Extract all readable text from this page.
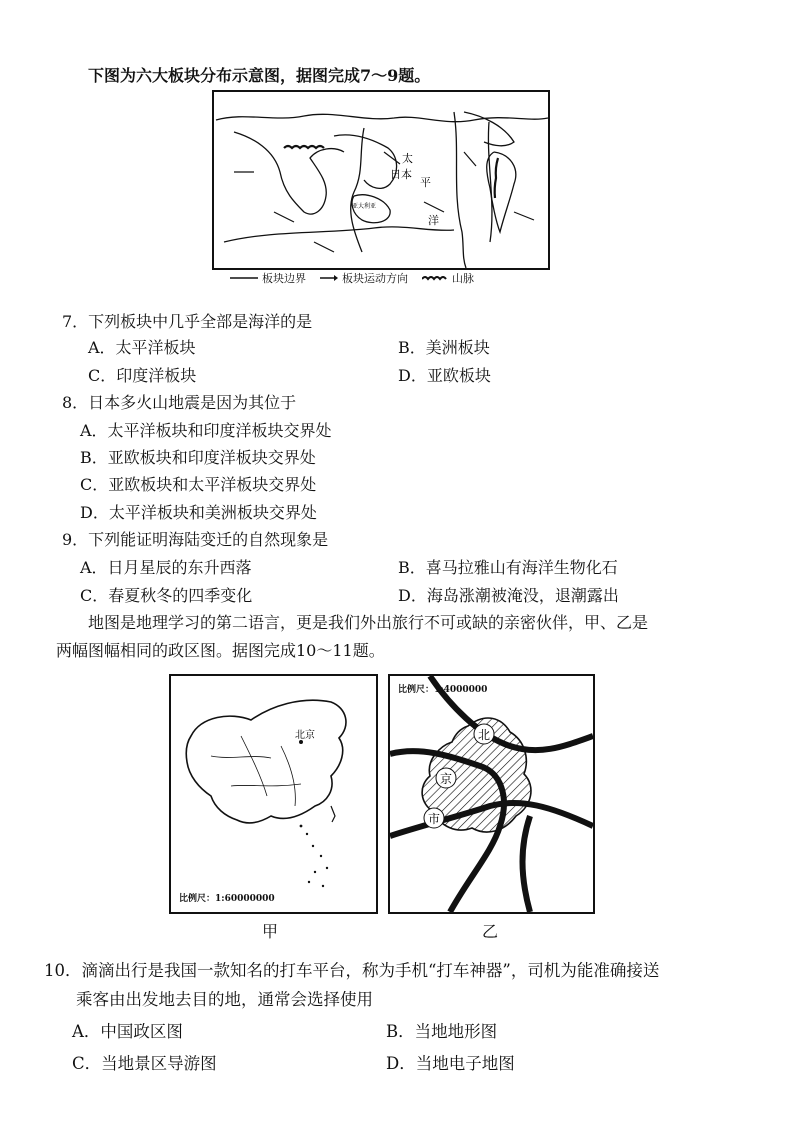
下图为六大板块分布示意图，据图完成7～9题。
太
日本
平
洋
亚大利亚
板块边界	板块运动方向	山脉
7．下列板块中几乎全部是海洋的是
A．太平洋板块	B．美洲板块
C．印度洋板块	D．亚欧板块
8．日本多火山地震是因为其位于
A．太平洋板块和印度洋板块交界处
B．亚欧板块和印度洋板块交界处
C．亚欧板块和太平洋板块交界处
D．太平洋板块和美洲板块交界处
9．下列能证明海陆变迁的自然现象是
A．日月星辰的东升西落	B．喜马拉雅山有海洋生物化石
C．春夏秋冬的四季变化	D．海岛涨潮被淹没，退潮露出
地图是地理学习的第二语言，更是我们外出旅行不可或缺的亲密伙伴，甲、乙是
两幅图幅相同的政区图。据图完成10～11题。
北京
比例尺：1:60000000
甲
比例尺：1:4000000
北
京
市
乙
10．滴滴出行是我国一款知名的打车平台，称为手机“打车神器”，司机为能准确接送
乘客由出发地去目的地，通常会选择使用
A．中国政区图	B．当地地形图
C．当地景区导游图	D．当地电子地图
